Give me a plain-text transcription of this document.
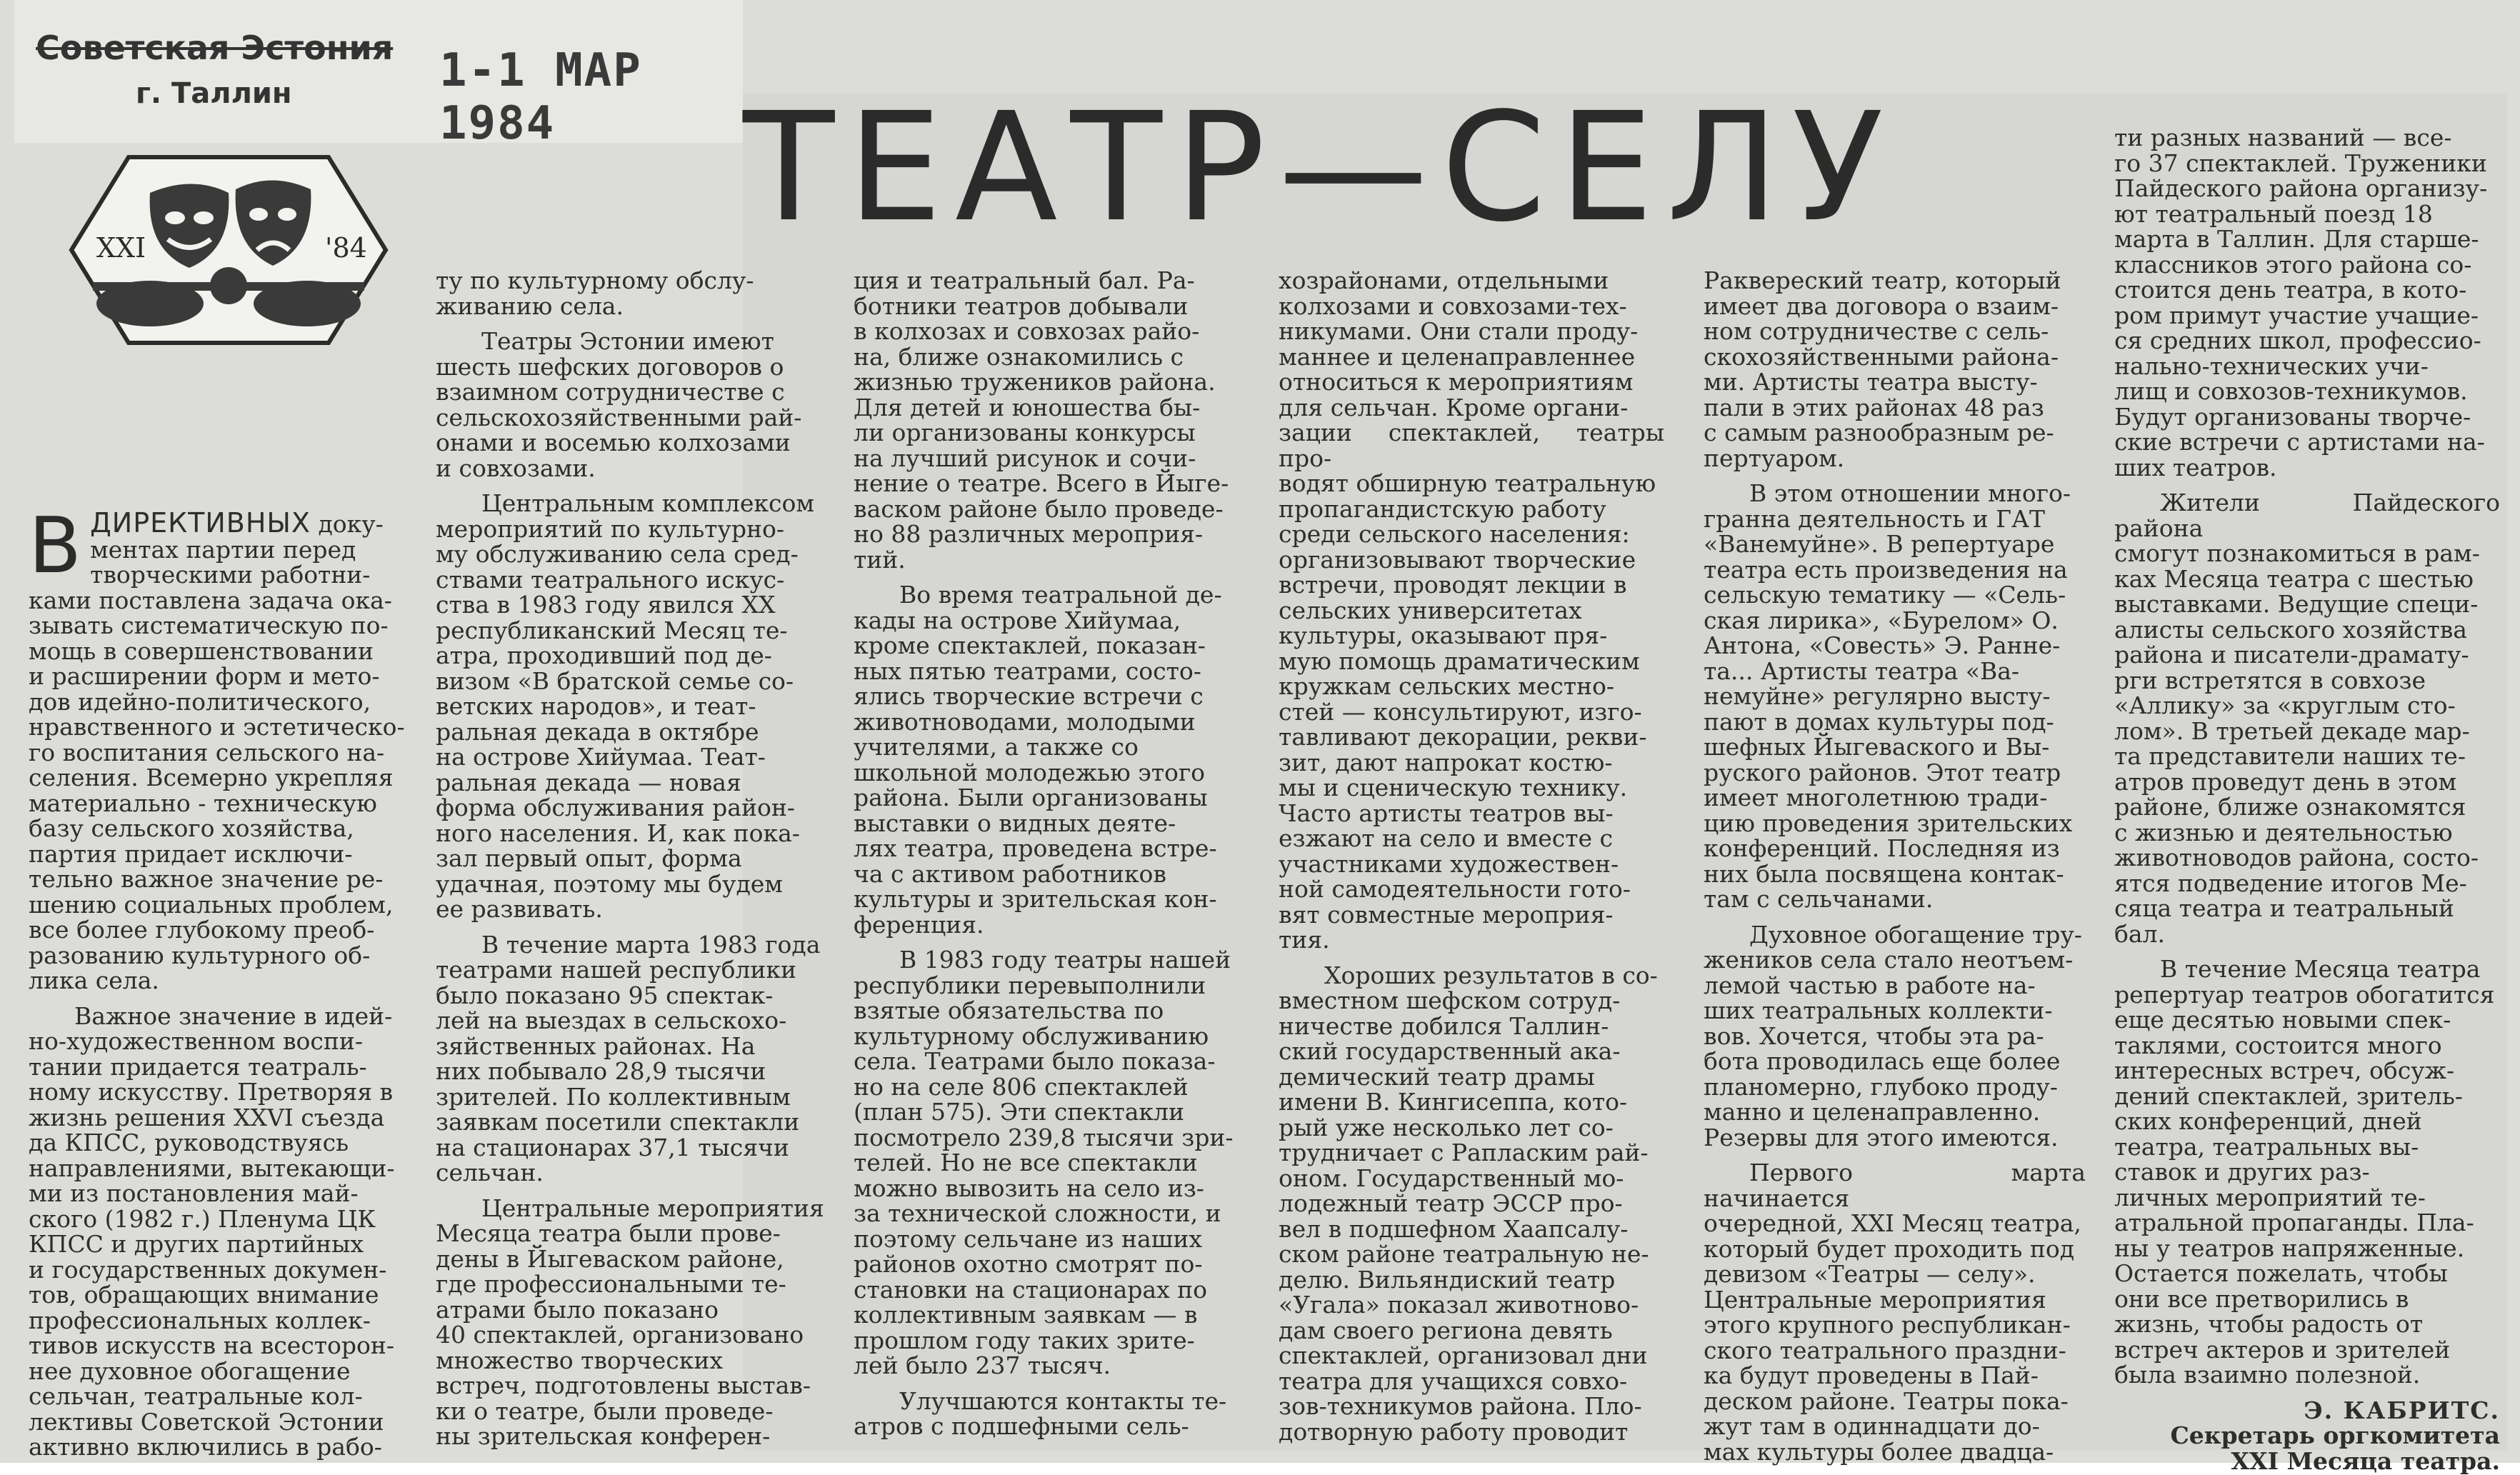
Советская Эстония
г. Таллин	1-1 МАР 1984	ТЕАТР—СЕЛУ
XXI	'84

ВДИРЕКТИВНЫХ доку-
ментах партии перед
творческими работни-
ками поставлена задача ока-
зывать систематическую по-
мощь в совершенствовании
и расширении форм и мето-
дов идейно-политического,
нравственного и эстетическо-
го воспитания сельского на-
селения. Всемерно укрепляя
материально - техническую
базу сельского хозяйства,
партия придает исключи-
тельно важное значение ре-
шению социальных проблем,
все более глубокому преоб-
разованию культурного об-
лика села.

Важное значение в идей-
но-художественном воспи-
тании придается театраль-
ному искусству. Претворяя в
жизнь решения XXVI съезда
да КПСС, руководствуясь
направлениями, вытекающи-
ми из постановления май-
ского (1982 г.) Пленума ЦК
КПСС и других партийных
и государственных докумен-
тов, обращающих внимание
профессиональных коллек-
тивов искусств на всесторон-
нее духовное обогащение
сельчан, театральные кол-
лективы Советской Эстонии
активно включились в рабо-

ту по культурному обслу-
живанию села.

Театры Эстонии имеют
шесть шефских договоров о
взаимном сотрудничестве с
сельскохозяйственными рай-
онами и восемью колхозами
и совхозами.

Центральным комплексом
мероприятий по культурно-
му обслуживанию села сред-
ствами театрального искус-
ства в 1983 году явился XX
республиканский Месяц те-
атра, проходивший под де-
визом «В братской семье со-
ветских народов», и теат-
ральная декада в октябре
на острове Хийумаа. Теат-
ральная декада — новая
форма обслуживания район-
ного населения. И, как пока-
зал первый опыт, форма
удачная, поэтому мы будем
ее развивать.

В течение марта 1983 года
театрами нашей республики
было показано 95 спектак-
лей на выездах в сельскохо-
зяйственных районах. На
них побывало 28,9 тысячи
зрителей. По коллективным
заявкам посетили спектакли
на стационарах 37,1 тысячи
сельчан.

Центральные мероприятия
Месяца театра были прове-
дены в Йыгеваском районе,
где профессиональными те-
атрами было показано
40 спектаклей, организовано
множество творческих
встреч, подготовлены выстав-
ки о театре, были проведе-
ны зрительская конферен-

ция и театральный бал. Ра-
ботники театров добывали
в колхозах и совхозах райо-
на, ближе ознакомились с
жизнью тружеников района.
Для детей и юношества бы-
ли организованы конкурсы
на лучший рисунок и сочи-
нение о театре. Всего в Йыге-
васком районе было проведе-
но 88 различных мероприя-
тий.

Во время театральной де-
кады на острове Хийумаа,
кроме спектаклей, показан-
ных пятью театрами, состо-
ялись творческие встречи с
животноводами, молодыми
учителями, а также со
школьной молодежью этого
района. Были организованы
выставки о видных деяте-
лях театра, проведена встре-
ча с активом работников
культуры и зрительская кон-
ференция.

В 1983 году театры нашей
республики перевыполнили
взятые обязательства по
культурному обслуживанию
села. Театрами было показа-
но на селе 806 спектаклей
(план 575). Эти спектакли
посмотрело 239,8 тысячи зри-
телей. Но не все спектакли
можно вывозить на село из-
за технической сложности, и
поэтому сельчане из наших
районов охотно смотрят по-
становки на стационарах по
коллективным заявкам — в
прошлом году таких зрите-
лей было 237 тысяч.

Улучшаются контакты те-
атров с подшефными сель-

хозрайонами, отдельными
колхозами и совхозами-тех-
никумами. Они стали проду-
маннее и целенаправленнее
относиться к мероприятиям
для сельчан. Кроме органи-
зации спектаклей, театры про-
водят обширную театральную
пропагандистскую работу
среди сельского населения:
организовывают творческие
встречи, проводят лекции в
сельских университетах
культуры, оказывают пря-
мую помощь драматическим
кружкам сельских местно-
стей — консультируют, изго-
тавливают декорации, рекви-
зит, дают напрокат костю-
мы и сценическую технику.
Часто артисты театров вы-
езжают на село и вместе с
участниками художествен-
ной самодеятельности гото-
вят совместные мероприя-
тия.

Хороших результатов в со-
вместном шефском сотруд-
ничестве добился Таллин-
ский государственный ака-
демический театр драмы
имени В. Кингисеппа, кото-
рый уже несколько лет со-
трудничает с Рапласким рай-
оном. Государственный мо-
лодежный театр ЭССР про-
вел в подшефном Хаапсалу-
ском районе театральную не-
делю. Вильяндиский театр
«Угала» показал животново-
дам своего региона девять
спектаклей, организовал дни
театра для учащихся совхо-
зов-техникумов района. Пло-
дотворную работу проводит

Раквереский театр, который
имеет два договора о взаим-
ном сотрудничестве с сель-
скохозяйственными района-
ми. Артисты театра высту-
пали в этих районах 48 раз
с самым разнообразным ре-
пертуаром.

В этом отношении много-
гранна деятельность и ГАТ
«Ванемуйне». В репертуаре
театра есть произведения на
сельскую тематику — «Сель-
ская лирика», «Бурелом» О.
Антона, «Совесть» Э. Ранне-
та... Артисты театра «Ва-
немуйне» регулярно высту-
пают в домах культуры под-
шефных Йыгеваского и Вы-
руского районов. Этот театр
имеет многолетнюю тради-
цию проведения зрительских
конференций. Последняя из
них была посвящена контак-
там с сельчанами.

Духовное обогащение тру-
жеников села стало неотъем-
лемой частью в работе на-
ших театральных коллекти-
вов. Хочется, чтобы эта ра-
бота проводилась еще более
планомерно, глубоко проду-
манно и целенаправленно.
Резервы для этого имеются.

Первого марта начинается
очередной, XXI Месяц театра,
который будет проходить под
девизом «Театры — селу».
Центральные мероприятия
этого крупного республикан-
ского театрального праздни-
ка будут проведены в Пай-
деском районе. Театры пока-
жут там в одиннадцати до-
мах культуры более двадца-

ти разных названий — все-
го 37 спектаклей. Труженики
Пайдеского района организу-
ют театральный поезд 18
марта в Таллин. Для старше-
классников этого района со-
стоится день театра, в кото-
ром примут участие учащие-
ся средних школ, профессио-
нально-технических учи-
лищ и совхозов-техникумов.
Будут организованы творче-
ские встречи с артистами на-
ших театров.

Жители Пайдеского района
смогут познакомиться в рам-
ках Месяца театра с шестью
выставками. Ведущие специ-
алисты сельского хозяйства
района и писатели-драмату-
рги встретятся в совхозе
«Аллику» за «круглым сто-
лом». В третьей декаде мар-
та представители наших те-
атров проведут день в этом
районе, ближе ознакомятся
с жизнью и деятельностью
животноводов района, состо-
ятся подведение итогов Ме-
сяца театра и театральный
бал.

В течение Месяца театра
репертуар театров обогатится
еще десятью новыми спек-
таклями, состоится много
интересных встреч, обсуж-
дений спектаклей, зритель-
ских конференций, дней
театра, театральных вы-
ставок и других раз-
личных мероприятий те-
атральной пропаганды. Пла-
ны у театров напряженные.
Остается пожелать, чтобы
они все претворились в
жизнь, чтобы радость от
встреч актеров и зрителей
была взаимно полезной.

Э. КАБРИТС.

Секретарь оргкомитета

XXI Месяца театра.
